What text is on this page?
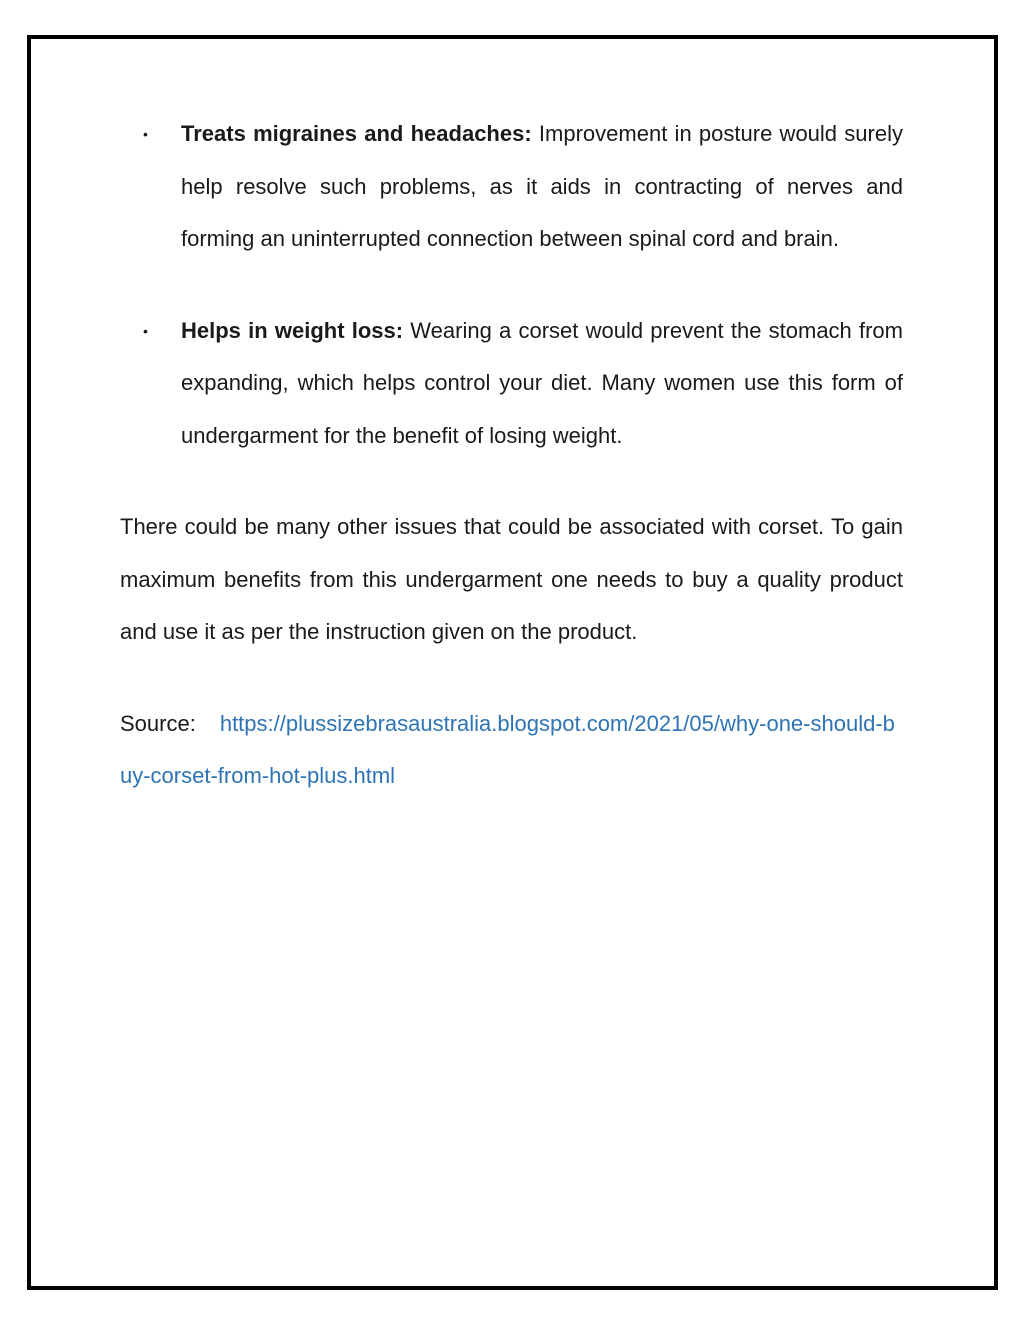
• Treats migraines and headaches: Improvement in posture would surely help resolve such problems, as it aids in contracting of nerves and forming an uninterrupted connection between spinal cord and brain.
• Helps in weight loss: Wearing a corset would prevent the stomach from expanding, which helps control your diet. Many women use this form of undergarment for the benefit of losing weight.

There could be many other issues that could be associated with corset. To gain maximum benefits from this undergarment one needs to buy a quality product and use it as per the instruction given on the product.

Source: https://plussizebrasaustralia.blogspot.com/2021/05/why-one-should-buy-corset-from-hot-plus.html
